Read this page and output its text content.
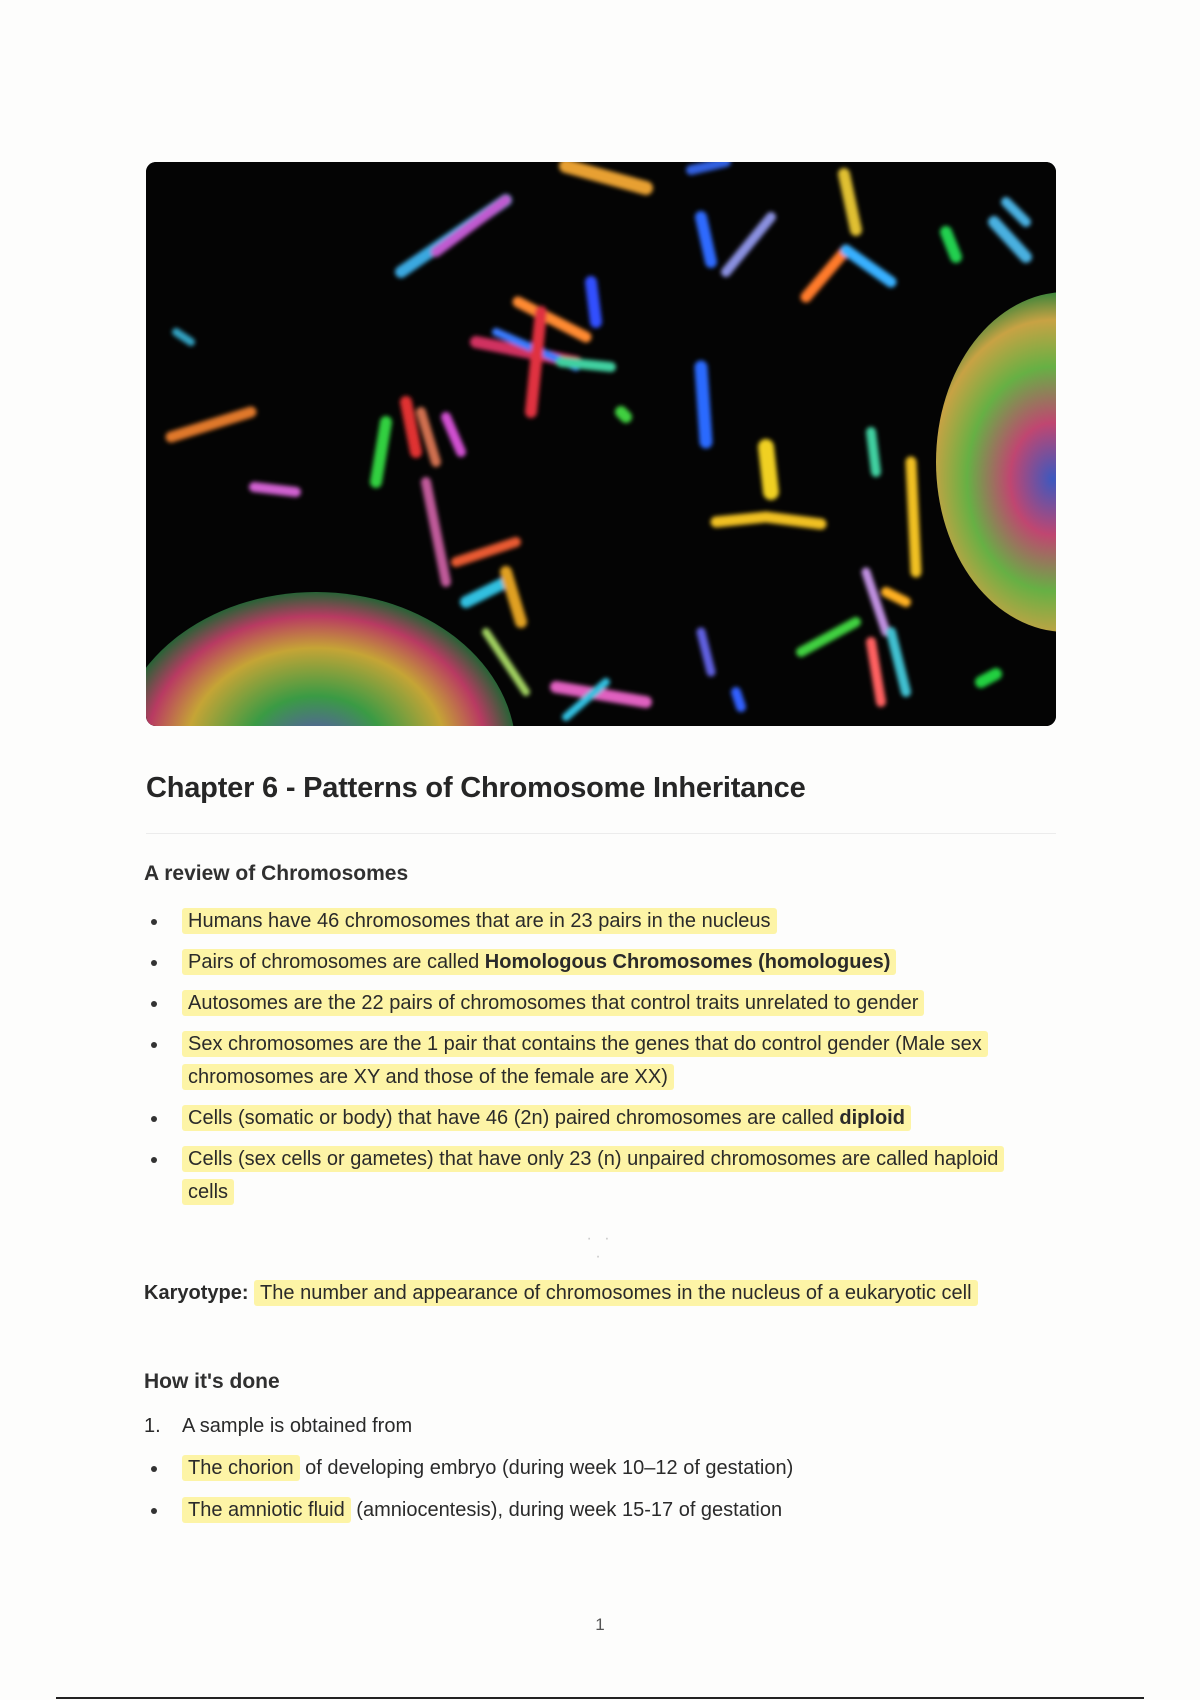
Chapter 6 - Patterns of Chromosome Inheritance
A review of Chromosomes
Humans have 46 chromosomes that are in 23 pairs in the nucleus
Pairs of chromosomes are called Homologous Chromosomes (homologues)
Autosomes are the 22 pairs of chromosomes that control traits unrelated to gender
Sex chromosomes are the 1 pair that contains the genes that do control gender (Male sex chromosomes are XY and those of the female are XX)
Cells (somatic or body) that have 46 (2n) paired chromosomes are called diploid
Cells (sex cells or gametes) that have only 23 (n) unpaired chromosomes are called haploid cells
· · ·
Karyotype: The number and appearance of chromosomes in the nucleus of a eukaryotic cell
How it's done
1. A sample is obtained from
The chorion of developing embryo (during week 10–12 of gestation)
The amniotic fluid (amniocentesis), during week 15-17 of gestation
1
